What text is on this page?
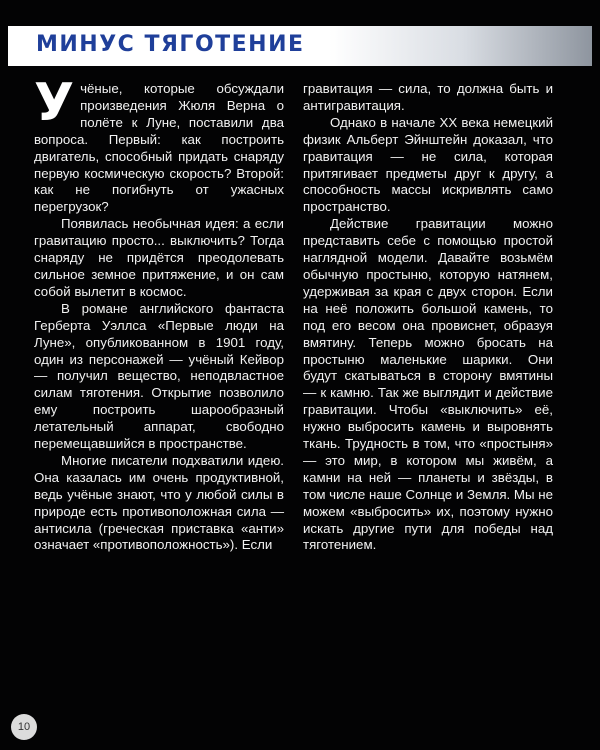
МИНУС ТЯГОТЕНИЕ

Учёные, которые обсуждали произведения Жюля Верна о полёте к Луне, поставили два вопроса. Первый: как построить двигатель, способный придать снаряду первую космическую скорость? Второй: как не погибнуть от ужасных перегрузок?

Появилась необычная идея: а если гравитацию просто... выключить? Тогда снаряду не придётся преодолевать сильное земное притяжение, и он сам собой вылетит в космос.

В романе английского фантаста Герберта Уэллса «Первые люди на Луне», опубликованном в 1901 году, один из персонажей — учёный Кейвор — получил вещество, неподвластное силам тяготения. Открытие позволило ему построить шарообразный летательный аппарат, свободно перемещавшийся в пространстве.

Многие писатели подхватили идею. Она казалась им очень продуктивной, ведь учёные знают, что у любой силы в природе есть противоположная сила — антисила (греческая приставка «анти» означает «противоположность»). Если

гравитация — сила, то должна быть и антигравитация.

Однако в начале XX века немецкий физик Альберт Эйнштейн доказал, что гравитация — не сила, которая притягивает предметы друг к другу, а способность массы искривлять само пространство.

Действие гравитации можно представить себе с помощью простой наглядной модели. Давайте возьмём обычную простыню, которую натянем, удерживая за края с двух сторон. Если на неё положить большой камень, то под его весом она провиснет, образуя вмятину. Теперь можно бросать на простыню маленькие шарики. Они будут скатываться в сторону вмятины — к камню. Так же выглядит и действие гравитации. Чтобы «выключить» её, нужно выбросить камень и выровнять ткань. Трудность в том, что «простыня» — это мир, в котором мы живём, а камни на ней — планеты и звёзды, в том числе наше Солнце и Земля. Мы не можем «выбросить» их, поэтому нужно искать другие пути для победы над тяготением.

10
